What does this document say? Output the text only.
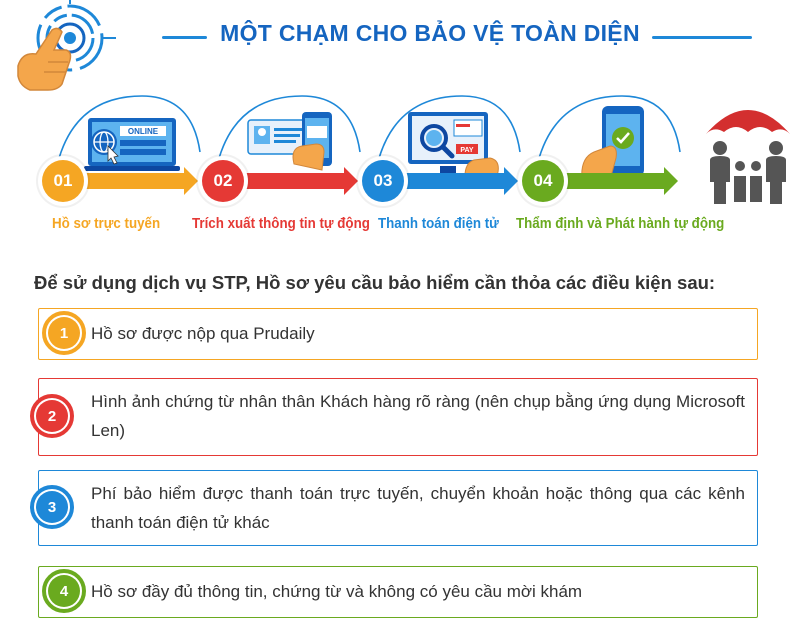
MỘT CHẠM CHO BẢO VỆ TOÀN DIỆN
ONLINE
PAY
01	02	03	04
Hồ sơ trực tuyến Trích xuất thông tin tự động Thanh toán điện tử Thẩm định và Phát hành tự động
Để sử dụng dịch vụ STP, Hồ sơ yêu cầu bảo hiểm cần thỏa các điều kiện sau:
Hồ sơ được nộp qua Prudaily
1
Hình ảnh chứng từ nhân thân Khách hàng rõ ràng (nên chụp bằng ứng dụng Microsoft Len)
2
Phí bảo hiểm được thanh toán trực tuyến, chuyển khoản hoặc thông qua các kênh thanh toán điện tử khác
3
Hồ sơ đầy đủ thông tin, chứng từ và không có yêu cầu mời khám
4
